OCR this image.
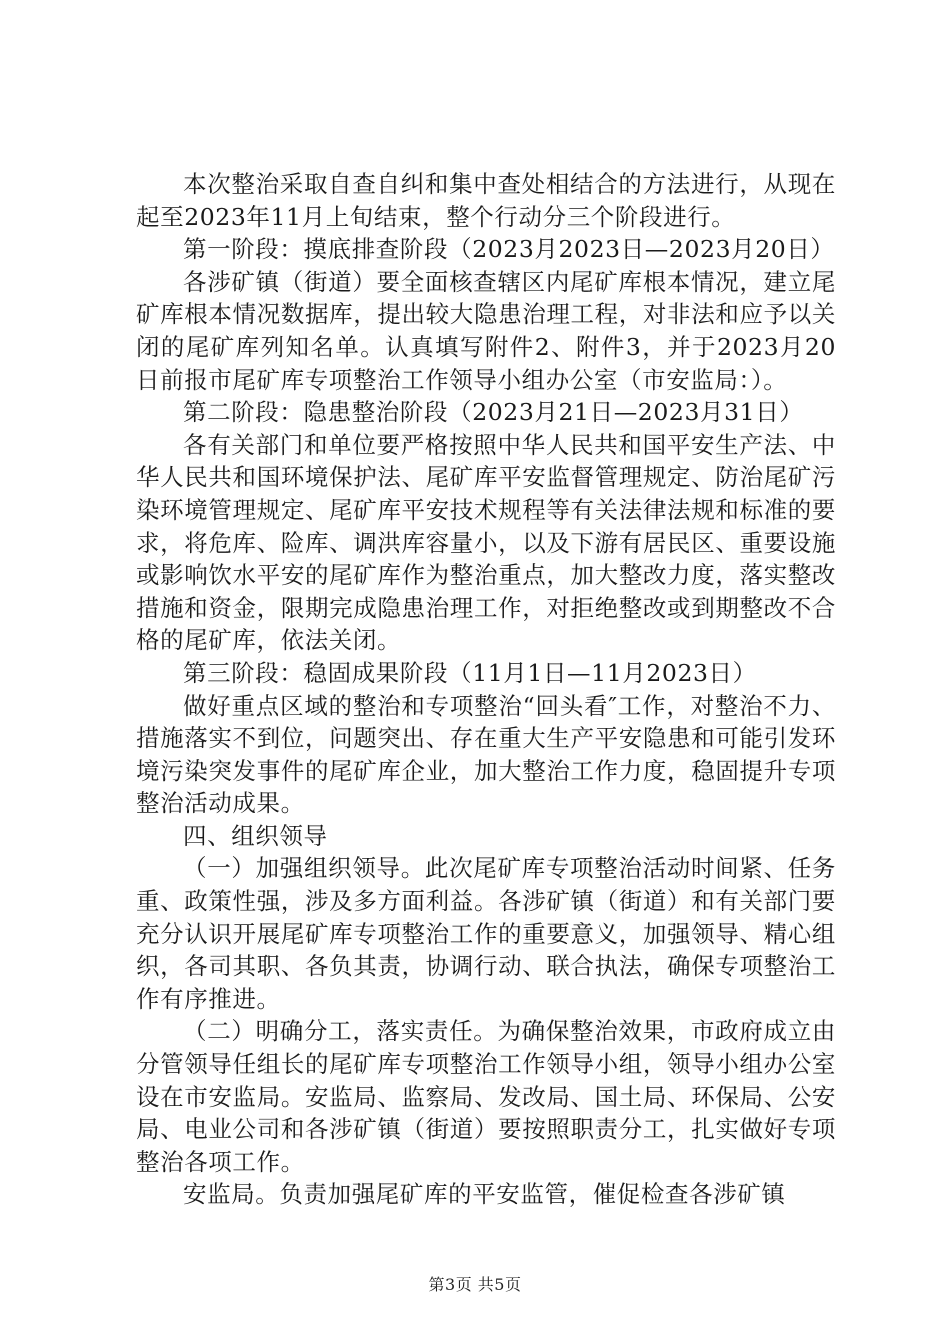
本次整治采取自查自纠和集中查处相结合的方法进行，从现在起至2023年11月上旬结束，整个行动分三个阶段进行。

第一阶段：摸底排查阶段（2023月2023日—2023月20日）

各涉矿镇（街道）要全面核查辖区内尾矿库根本情况，建立尾矿库根本情况数据库，提出较大隐患治理工程，对非法和应予以关闭的尾矿库列知名单。认真填写附件2、附件3，并于2023月20日前报市尾矿库专项整治工作领导小组办公室（市安监局：）。

第二阶段：隐患整治阶段（2023月21日—2023月31日）

各有关部门和单位要严格按照中华人民共和国平安生产法、中华人民共和国环境保护法、尾矿库平安监督管理规定、防治尾矿污染环境管理规定、尾矿库平安技术规程等有关法律法规和标准的要求，将危库、险库、调洪库容量小，以及下游有居民区、重要设施或影响饮水平安的尾矿库作为整治重点，加大整改力度，落实整改措施和资金，限期完成隐患治理工作，对拒绝整改或到期整改不合格的尾矿库，依法关闭。

第三阶段：稳固成果阶段（11月1日—11月2023日）

做好重点区域的整治和专项整治“回头看″工作，对整治不力、措施落实不到位，问题突出、存在重大生产平安隐患和可能引发环境污染突发事件的尾矿库企业，加大整治工作力度，稳固提升专项整治活动成果。

四、组织领导

（一）加强组织领导。此次尾矿库专项整治活动时间紧、任务重、政策性强，涉及多方面利益。各涉矿镇（街道）和有关部门要充分认识开展尾矿库专项整治工作的重要意义，加强领导、精心组织，各司其职、各负其责，协调行动、联合执法，确保专项整治工作有序推进。

（二）明确分工，落实责任。为确保整治效果，市政府成立由分管领导任组长的尾矿库专项整治工作领导小组，领导小组办公室设在市安监局。安监局、监察局、发改局、国土局、环保局、公安局、电业公司和各涉矿镇（街道）要按照职责分工，扎实做好专项整治各项工作。

安监局。负责加强尾矿库的平安监管，催促检查各涉矿镇

第3页 共5页
